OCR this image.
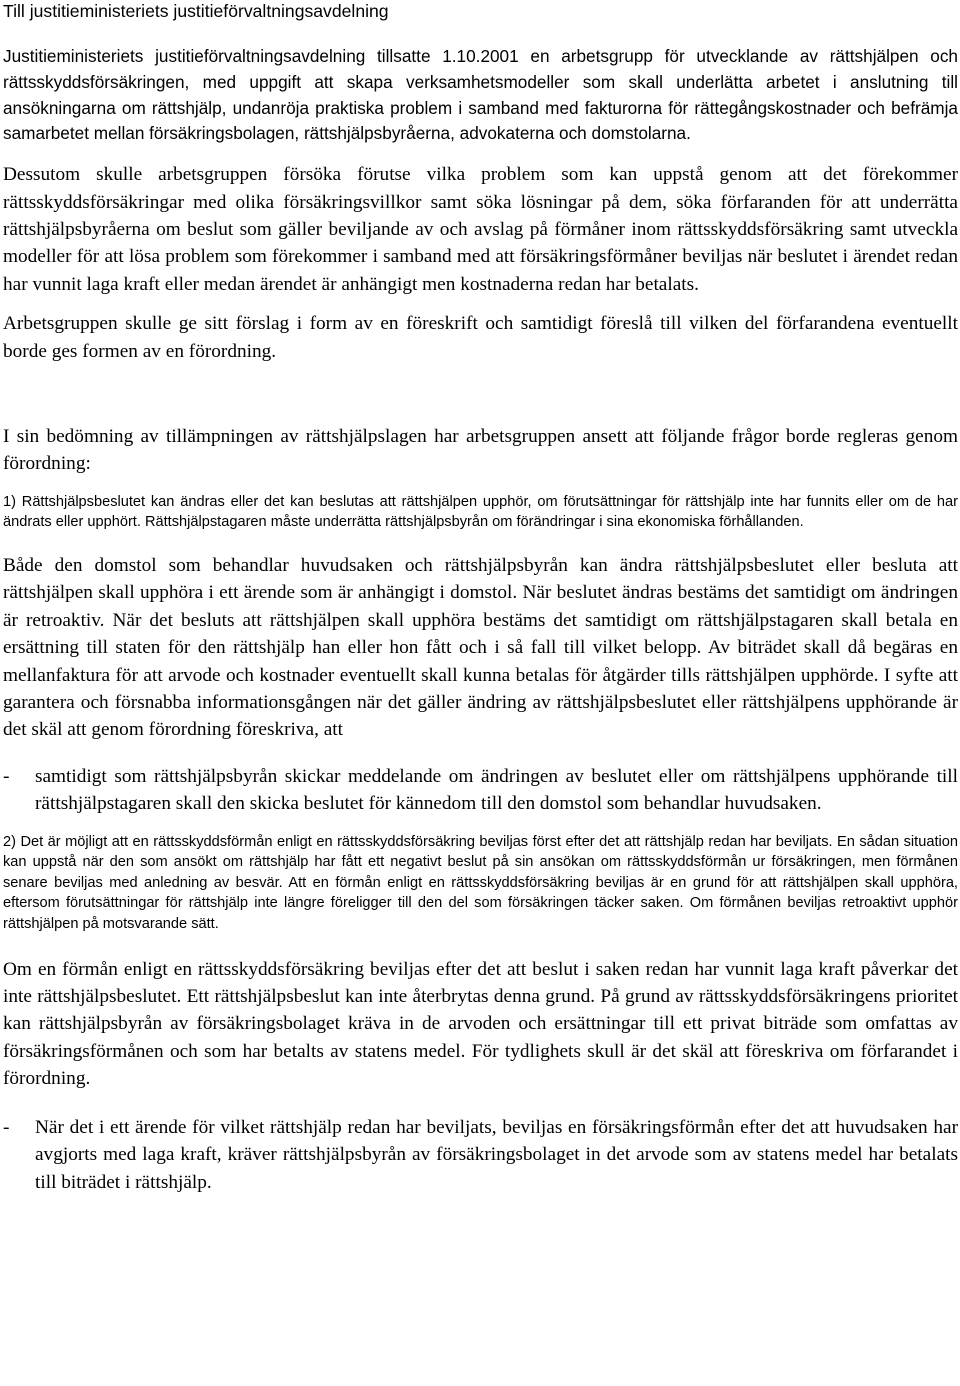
Till justitieministeriets justitieförvaltningsavdelning

Justitieministeriets justitieförvaltningsavdelning tillsatte 1.10.2001 en arbetsgrupp för utvecklande av rättshjälpen och rättsskyddsförsäkringen, med uppgift att skapa verksamhetsmodeller som skall underlätta arbetet i anslutning till ansökningarna om rättshjälp, undanröja praktiska problem i samband med fakturorna för rättegångskostnader och befrämja samarbetet mellan försäkringsbolagen, rättshjälpsbyråerna, advokaterna och domstolarna.

Dessutom skulle arbetsgruppen försöka förutse vilka problem som kan uppstå genom att det förekommer rättsskyddsförsäkringar med olika försäkringsvillkor samt söka lösningar på dem, söka förfaranden för att underrätta rättshjälpsbyråerna om beslut som gäller beviljande av och avslag på förmåner inom rättsskyddsförsäkring samt utveckla modeller för att lösa problem som förekommer i samband med att försäkringsförmåner beviljas när beslutet i ärendet redan har vunnit laga kraft eller medan ärendet är anhängigt men kostnaderna redan har betalats.

Arbetsgruppen skulle ge sitt förslag i form av en föreskrift och samtidigt föreslå till vilken del förfarandena eventuellt borde ges formen av en förordning.

I sin bedömning av tillämpningen av rättshjälpslagen har arbetsgruppen ansett att följande frågor borde regleras genom förordning:

1) Rättshjälpsbeslutet kan ändras eller det kan beslutas att rättshjälpen upphör, om förutsättningar för rättshjälp inte har funnits eller om de har ändrats eller upphört. Rättshjälpstagaren måste underrätta rättshjälpsbyrån om förändringar i sina ekonomiska förhållanden.

Både den domstol som behandlar huvudsaken och rättshjälpsbyrån kan ändra rättshjälpsbeslutet eller besluta att rättshjälpen skall upphöra i ett ärende som är anhängigt i domstol. När beslutet ändras bestäms det samtidigt om ändringen är retroaktiv. När det besluts att rättshjälpen skall upphöra bestäms det samtidigt om rättshjälpstagaren skall betala en ersättning till staten för den rättshjälp han eller hon fått och i så fall till vilket belopp. Av biträdet skall då begäras en mellanfaktura för att arvode och kostnader eventuellt skall kunna betalas för åtgärder tills rättshjälpen upphörde. I syfte att garantera och försnabba informationsgången när det gäller ändring av rättshjälpsbeslutet eller rättshjälpens upphörande är det skäl att genom förordning föreskriva, att

-	samtidigt som rättshjälpsbyrån skickar meddelande om ändringen av beslutet eller om rättshjälpens upphörande till rättshjälpstagaren skall den skicka beslutet för kännedom till den domstol som behandlar huvudsaken.

2) Det är möjligt att en rättsskyddsförmån enligt en rättsskyddsförsäkring beviljas först efter det att rättshjälp redan har beviljats. En sådan situation kan uppstå när den som ansökt om rättshjälp har fått ett negativt beslut på sin ansökan om rättsskyddsförmån ur försäkringen, men förmånen senare beviljas med anledning av besvär. Att en förmån enligt en rättsskyddsförsäkring beviljas är en grund för att rättshjälpen skall upphöra, eftersom förutsättningar för rättshjälp inte längre föreligger till den del som försäkringen täcker saken. Om förmånen beviljas retroaktivt upphör rättshjälpen på motsvarande sätt.

Om en förmån enligt en rättsskyddsförsäkring beviljas efter det att beslut i saken redan har vunnit laga kraft påverkar det inte rättshjälpsbeslutet. Ett rättshjälpsbeslut kan inte återbrytas denna grund. På grund av rättsskyddsförsäkringens prioritet kan rättshjälpsbyrån av försäkringsbolaget kräva in de arvoden och ersättningar till ett privat biträde som omfattas av försäkringsförmånen och som har betalts av statens medel. För tydlighets skull är det skäl att föreskriva om förfarandet i förordning.

-	När det i ett ärende för vilket rättshjälp redan har beviljats, beviljas en försäkringsförmån efter det att huvudsaken har avgjorts med laga kraft, kräver rättshjälpsbyrån av försäkringsbolaget in det arvode som av statens medel har betalats till biträdet i rättshjälp.
